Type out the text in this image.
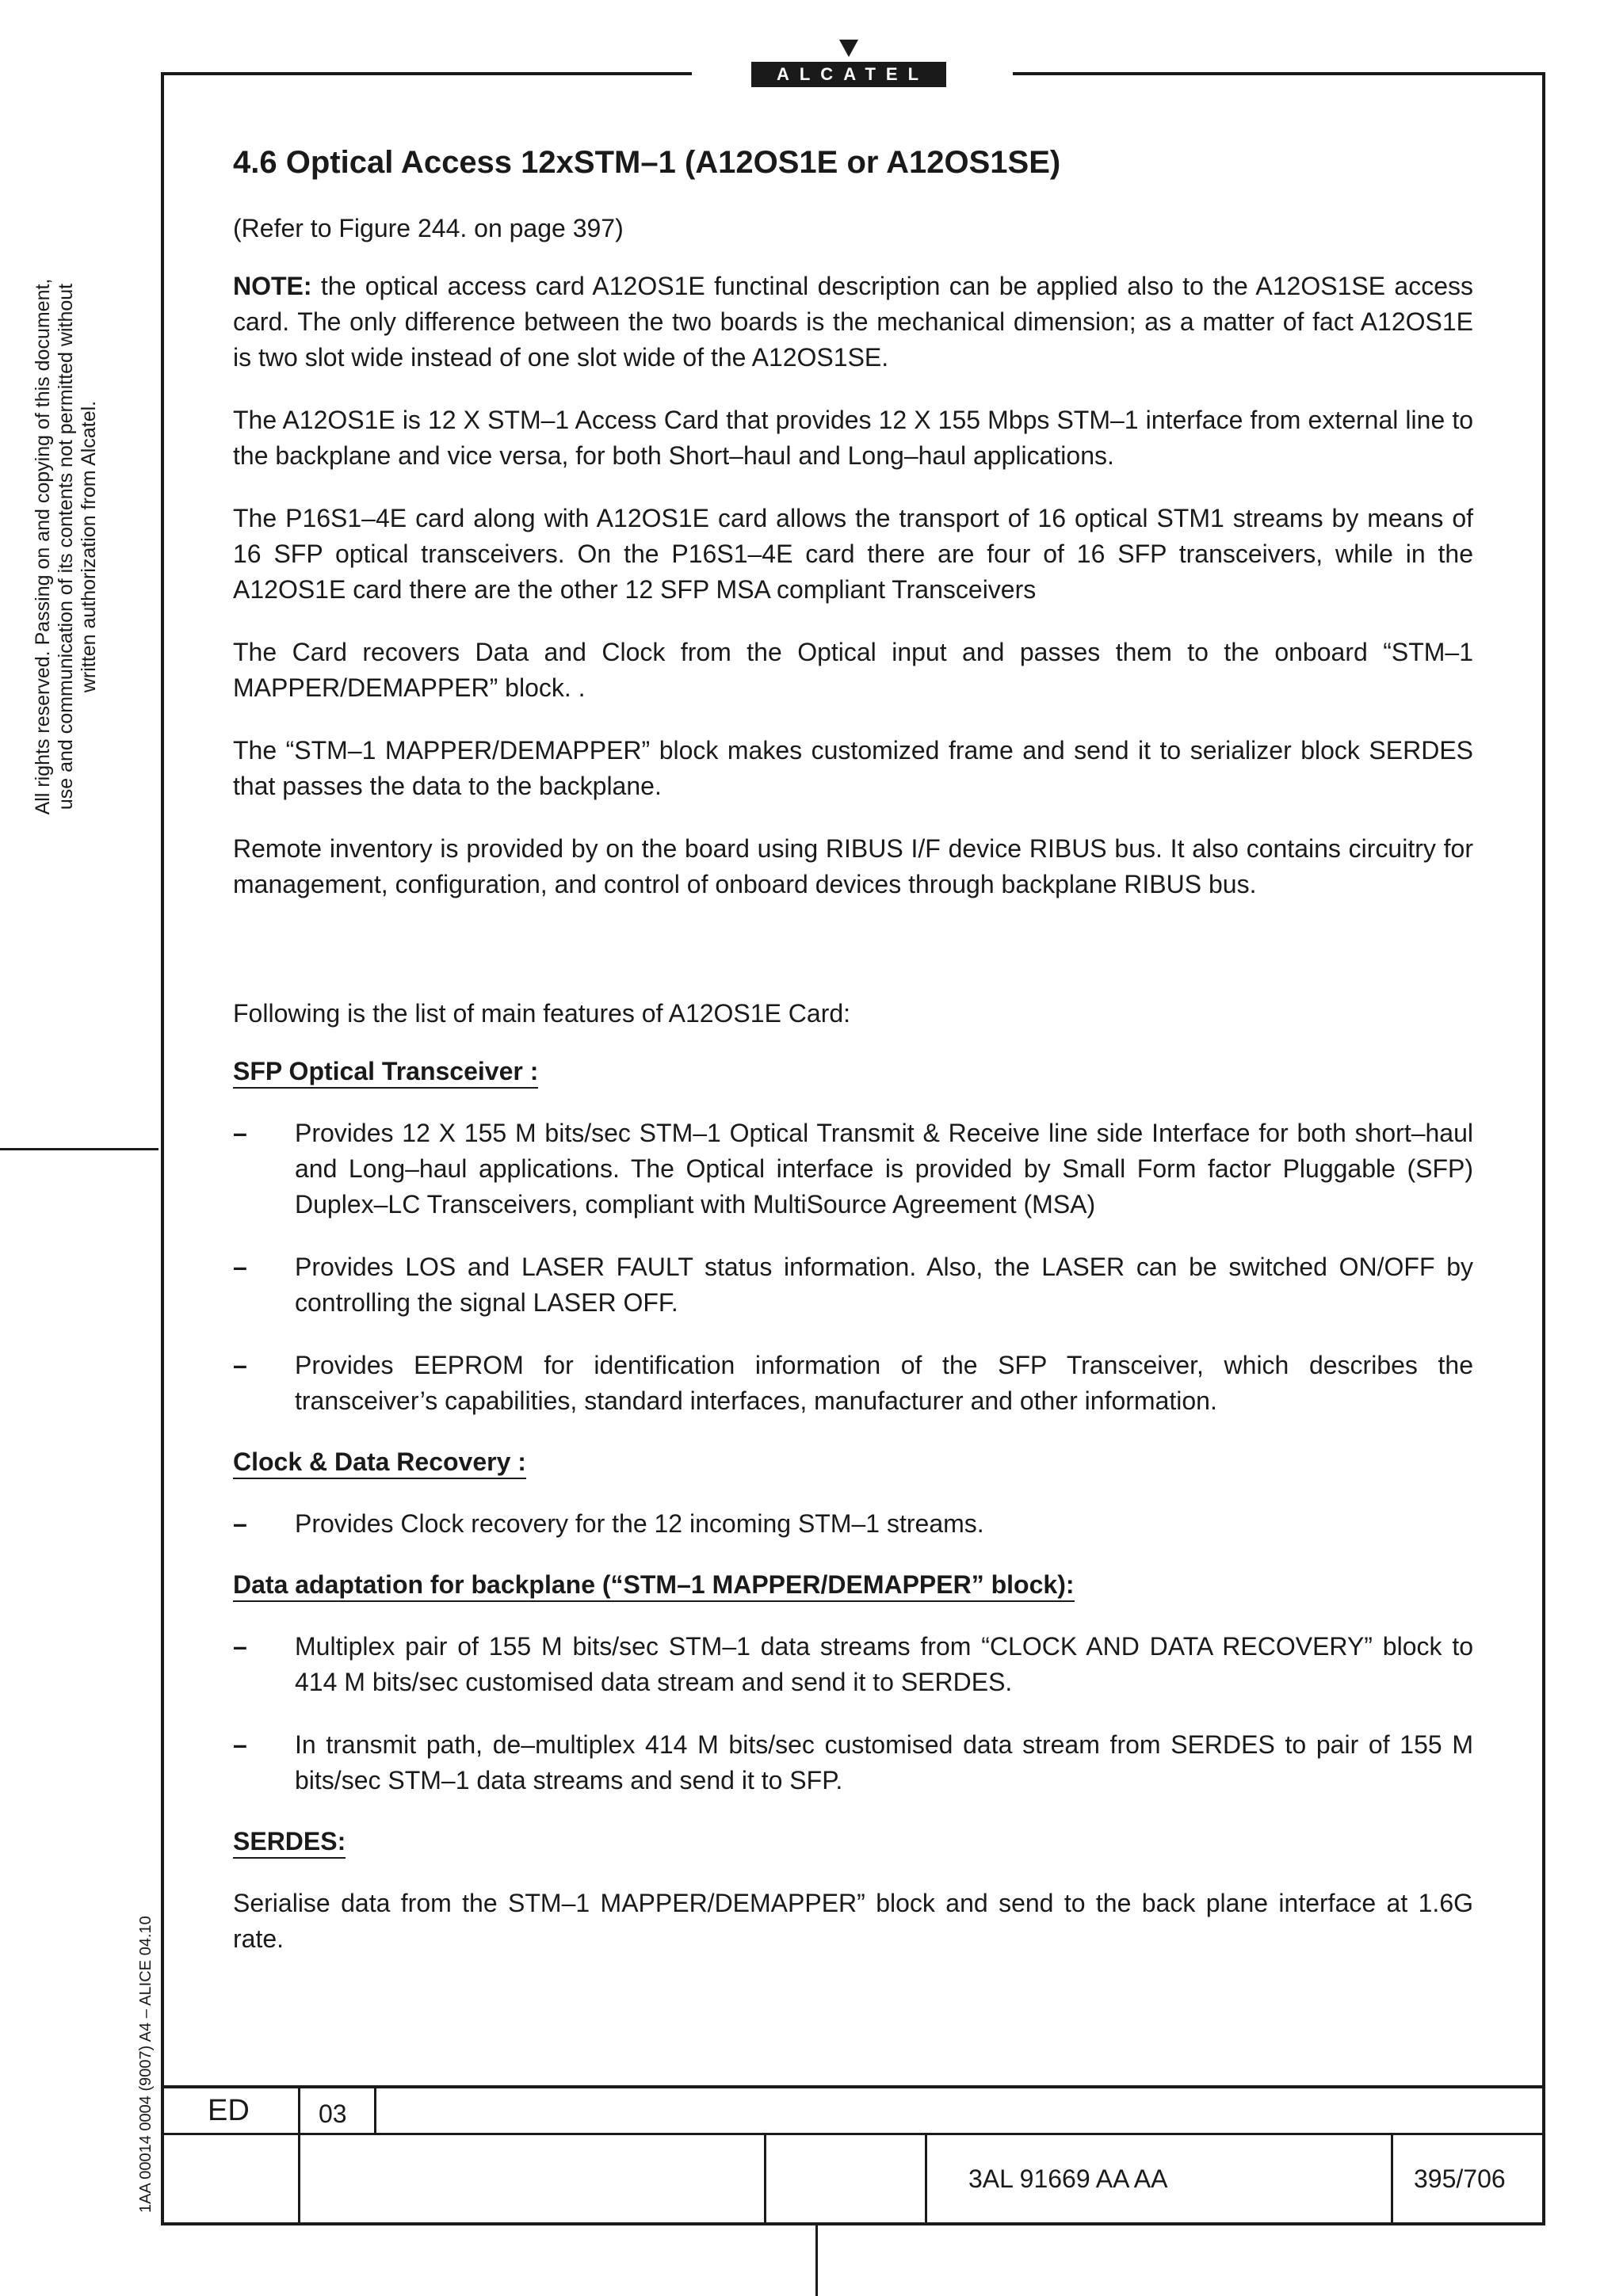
ALCATEL
All rights reserved. Passing on and copying of this document, use and communication of its contents not permitted without written authorization from Alcatel.
1AA 00014 0004 (9007) A4 – ALICE 04.10
4.6 Optical Access 12xSTM–1 (A12OS1E or A12OS1SE)

(Refer to Figure 244. on page 397)

NOTE: the optical access card A12OS1E functinal description can be applied also to the A12OS1SE access card. The only difference between the two boards is the mechanical dimension; as a matter of fact A12OS1E is two slot wide instead of one slot wide of the A12OS1SE.

The A12OS1E is 12 X STM–1 Access Card that provides 12 X 155 Mbps STM–1 interface from external line to the backplane and vice versa, for both Short–haul and Long–haul applications.

The P16S1–4E card along with A12OS1E card allows the transport of 16 optical STM1 streams by means of 16 SFP optical transceivers. On the P16S1–4E card there are four of 16 SFP transceivers, while in the A12OS1E card there are the other 12 SFP MSA compliant Transceivers

The Card recovers Data and Clock from the Optical input and passes them to the onboard “STM–1 MAPPER/DEMAPPER” block. .

The “STM–1 MAPPER/DEMAPPER” block makes customized frame and send it to serializer block SERDES that passes the data to the backplane.

Remote inventory is provided by on the board using RIBUS I/F device RIBUS bus. It also contains circuitry for management, configuration, and control of onboard devices through backplane RIBUS bus.

Following is the list of main features of A12OS1E Card:

SFP Optical Transceiver :
– Provides 12 X 155 M bits/sec STM–1 Optical Transmit & Receive line side Interface for both short–haul and Long–haul applications. The Optical interface is provided by Small Form factor Pluggable (SFP) Duplex–LC Transceivers, compliant with MultiSource Agreement (MSA)
– Provides LOS and LASER FAULT status information. Also, the LASER can be switched ON/OFF by controlling the signal LASER OFF.
– Provides EEPROM for identification information of the SFP Transceiver, which describes the transceiver’s capabilities, standard interfaces, manufacturer and other information.
Clock & Data Recovery :
– Provides Clock recovery for the 12 incoming STM–1 streams.
Data adaptation for backplane (“STM–1 MAPPER/DEMAPPER” block):
– Multiplex pair of 155 M bits/sec STM–1 data streams from “CLOCK AND DATA RECOVERY” block to 414 M bits/sec customised data stream and send it to SERDES.
– In transmit path, de–multiplex 414 M bits/sec customised data stream from SERDES to pair of 155 M bits/sec STM–1 data streams and send it to SFP.
SERDES:

Serialise data from the STM–1 MAPPER/DEMAPPER” block and send to the back plane interface at 1.6G rate.

ED	03
3AL 91669 AA AA	395/706
